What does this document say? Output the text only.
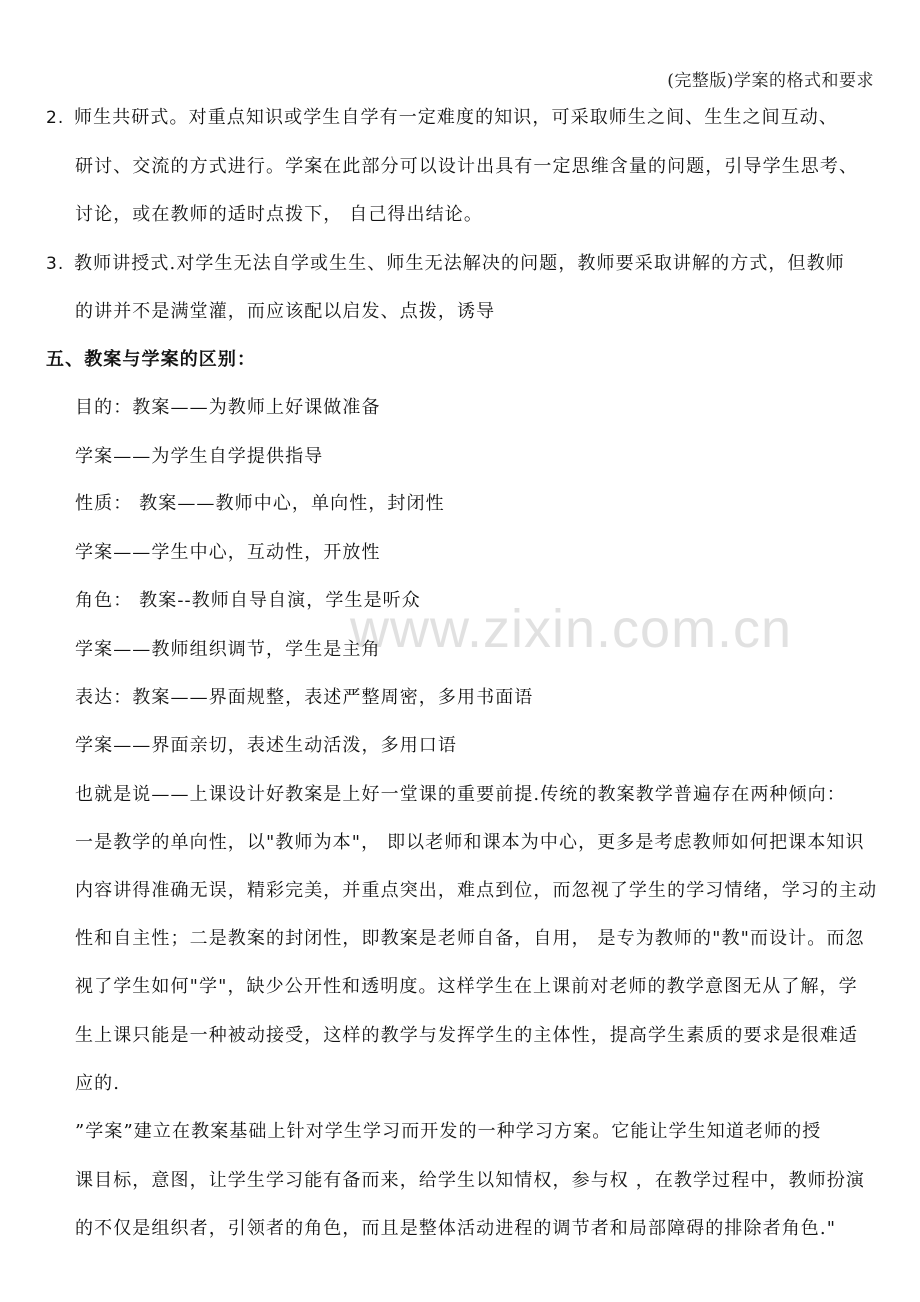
(完整版)学案的格式和要求
www.zixin.com.cn
2. 师生共研式。对重点知识或学生自学有一定难度的知识，可采取师生之间、生生之间互动、
研讨、交流的方式进行。学案在此部分可以设计出具有一定思维含量的问题，引导学生思考、
讨论，或在教师的适时点拨下， 自己得出结论。
3. 教师讲授式.对学生无法自学或生生、师生无法解决的问题，教师要采取讲解的方式，但教师
的讲并不是满堂灌，而应该配以启发、点拨，诱导
五、教案与学案的区别：
目的：教案——为教师上好课做准备
学案——为学生自学提供指导
性质： 教案——教师中心，单向性，封闭性
学案——学生中心，互动性，开放性
角色： 教案--教师自导自演，学生是听众
学案——教师组织调节，学生是主角
表达：教案——界面规整，表述严整周密，多用书面语
学案——界面亲切，表述生动活泼，多用口语
也就是说——上课设计好教案是上好一堂课的重要前提.传统的教案教学普遍存在两种倾向：
一是教学的单向性，以"教师为本"， 即以老师和课本为中心，更多是考虑教师如何把课本知识
内容讲得准确无误，精彩完美，并重点突出，难点到位，而忽视了学生的学习情绪，学习的主动
性和自主性；二是教案的封闭性，即教案是老师自备，自用， 是专为教师的"教"而设计。而忽
视了学生如何"学"，缺少公开性和透明度。这样学生在上课前对老师的教学意图无从了解，学
生上课只能是一种被动接受，这样的教学与发挥学生的主体性，提高学生素质的要求是很难适
应的.
”学案”建立在教案基础上针对学生学习而开发的一种学习方案。它能让学生知道老师的授
课目标，意图，让学生学习能有备而来，给学生以知情权，参与权 ，在教学过程中，教师扮演
的不仅是组织者，引领者的角色，而且是整体活动进程的调节者和局部障碍的排除者角色."
